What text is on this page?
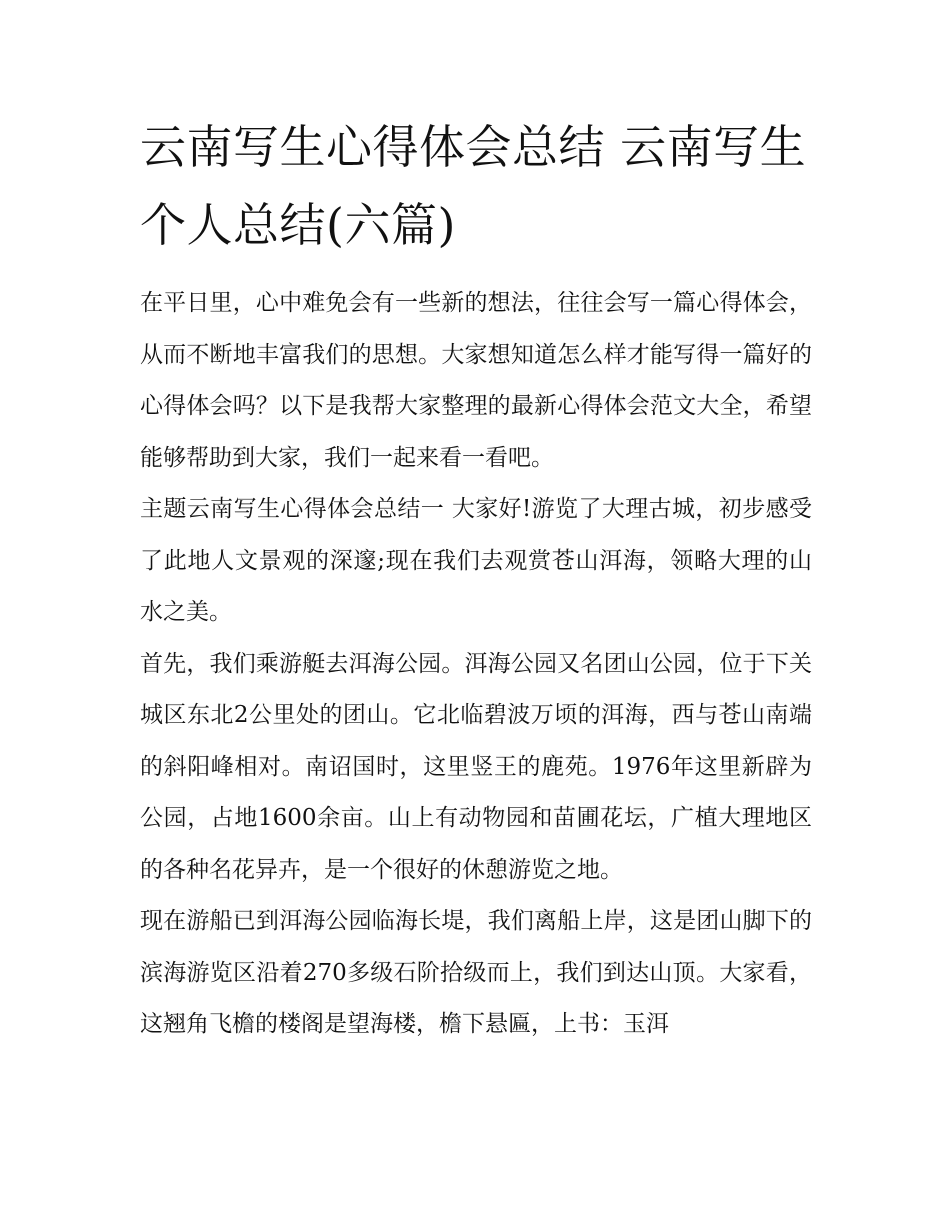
云南写生心得体会总结 云南写生个人总结(六篇)

在平日里，心中难免会有一些新的想法，往往会写一篇心得体会，从而不断地丰富我们的思想。大家想知道怎么样才能写得一篇好的心得体会吗？以下是我帮大家整理的最新心得体会范文大全，希望能够帮助到大家，我们一起来看一看吧。

主题云南写生心得体会总结一 大家好!游览了大理古城，初步感受了此地人文景观的深邃;现在我们去观赏苍山洱海，领略大理的山水之美。

首先，我们乘游艇去洱海公园。洱海公园又名团山公园，位于下关城区东北2公里处的团山。它北临碧波万顷的洱海，西与苍山南端的斜阳峰相对。南诏国时，这里竖王的鹿苑。1976年这里新辟为公园，占地1600余亩。山上有动物园和苗圃花坛，广植大理地区的各种名花异卉，是一个很好的休憩游览之地。

现在游船已到洱海公园临海长堤，我们离船上岸，这是团山脚下的滨海游览区沿着270多级石阶拾级而上，我们到达山顶。大家看，这翘角飞檐的楼阁是望海楼，檐下悬匾，上书：玉洱
